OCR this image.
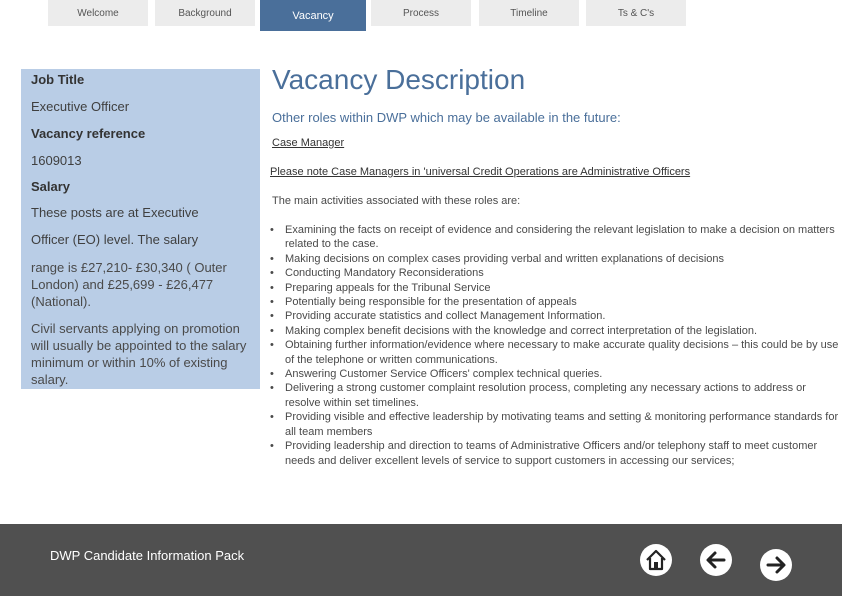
Welcome	Background	Vacancy	Process	Timeline	Ts & C's
Job Title
Executive Officer
Vacancy reference
1609013
Salary
These posts are at Executive
Officer (EO) level. The salary
range is £27,210- £30,340 ( Outer London) and £25,699 - £26,477 (National).
Civil servants applying on promotion will usually be appointed to the salary minimum or within 10% of existing salary.
Vacancy Description
Other roles within DWP which may be available in the future:
Case Manager
Please note Case Managers in 'universal Credit Operations are Administrative Officers
The main activities associated with these roles are:
• Examining the facts on receipt of evidence and considering the relevant legislation to make a decision on matters related to the case.
• Making decisions on complex cases providing verbal and written explanations of decisions
• Conducting Mandatory Reconsiderations
• Preparing appeals for the Tribunal Service
• Potentially being responsible for the presentation of appeals
• Providing accurate statistics and collect Management Information.
• Making complex benefit decisions with the knowledge and correct interpretation of the legislation.
• Obtaining further information/evidence where necessary to make accurate quality decisions – this could be by use of the telephone or written communications.
• Answering Customer Service Officers' complex technical queries.
• Delivering a strong customer complaint resolution process, completing any necessary actions to address or resolve within set timelines.
• Providing visible and effective leadership by motivating teams and setting & monitoring performance standards for all team members
• Providing leadership and direction to teams of Administrative Officers and/or telephony staff to meet customer needs and deliver excellent levels of service to support customers in accessing our services;
DWP Candidate Information Pack
